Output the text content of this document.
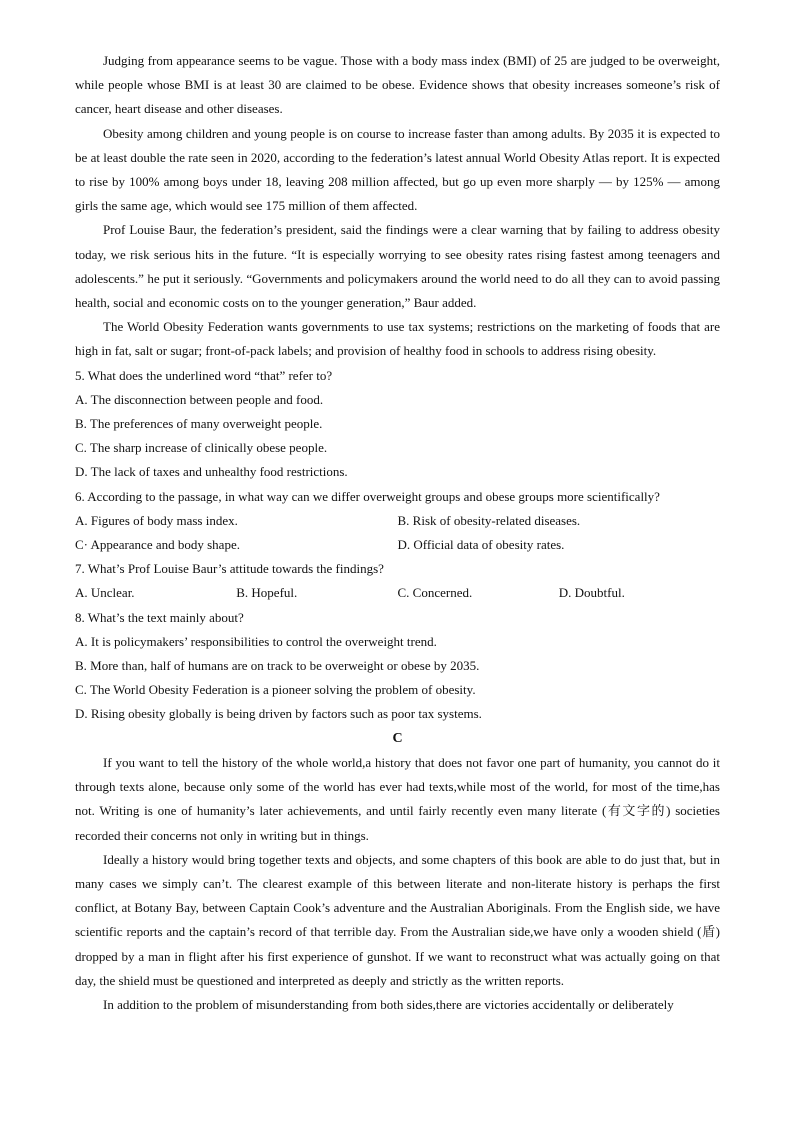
Judging from appearance seems to be vague. Those with a body mass index (BMI) of 25 are judged to be overweight, while people whose BMI is at least 30 are claimed to be obese. Evidence shows that obesity increases someone’s risk of cancer, heart disease and other diseases.

Obesity among children and young people is on course to increase faster than among adults. By 2035 it is expected to be at least double the rate seen in 2020, according to the federation’s latest annual World Obesity Atlas report. It is expected to rise by 100% among boys under 18, leaving 208 million affected, but go up even more sharply — by 125% — among girls the same age, which would see 175 million of them affected.

Prof Louise Baur, the federation’s president, said the findings were a clear warning that by failing to address obesity today, we risk serious hits in the future. “It is especially worrying to see obesity rates rising fastest among teenagers and adolescents.” he put it seriously. “Governments and policymakers around the world need to do all they can to avoid passing health, social and economic costs on to the younger generation,” Baur added.

The World Obesity Federation wants governments to use tax systems; restrictions on the marketing of foods that are high in fat, salt or sugar; front-of-pack labels; and provision of healthy food in schools to address rising obesity.

5. What does the underlined word “that” refer to?

A. The disconnection between people and food.

B. The preferences of many overweight people.

C. The sharp increase of clinically obese people.

D. The lack of taxes and unhealthy food restrictions.

6. According to the passage, in what way can we differ overweight groups and obese groups more scientifically?

A. Figures of body mass index.	B. Risk of obesity-related diseases.
C· Appearance and body shape.	D. Official data of obesity rates.

7. What’s Prof Louise Baur’s attitude towards the findings?

A. Unclear.	B. Hopeful.	C. Concerned.	D. Doubtful.

8. What’s the text mainly about?

A. It is policymakers’ responsibilities to control the overweight trend.

B. More than, half of humans are on track to be overweight or obese by 2035.

C. The World Obesity Federation is a pioneer solving the problem of obesity.

D. Rising obesity globally is being driven by factors such as poor tax systems.

C

If you want to tell the history of the whole world,a history that does not favor one part of humanity, you cannot do it through texts alone, because only some of the world has ever had texts,while most of the world, for most of the time,has not. Writing is one of humanity’s later achievements, and until fairly recently even many literate (有文字的) societies recorded their concerns not only in writing but in things.

Ideally a history would bring together texts and objects, and some chapters of this book are able to do just that, but in many cases we simply can’t. The clearest example of this between literate and non-literate history is perhaps the first conflict, at Botany Bay, between Captain Cook’s adventure and the Australian Aboriginals. From the English side, we have scientific reports and the captain’s record of that terrible day. From the Australian side,we have only a wooden shield (盾) dropped by a man in flight after his first experience of gunshot. If we want to reconstruct what was actually going on that day, the shield must be questioned and interpreted as deeply and strictly as the written reports.

In addition to the problem of misunderstanding from both sides,there are victories accidentally or deliberately
